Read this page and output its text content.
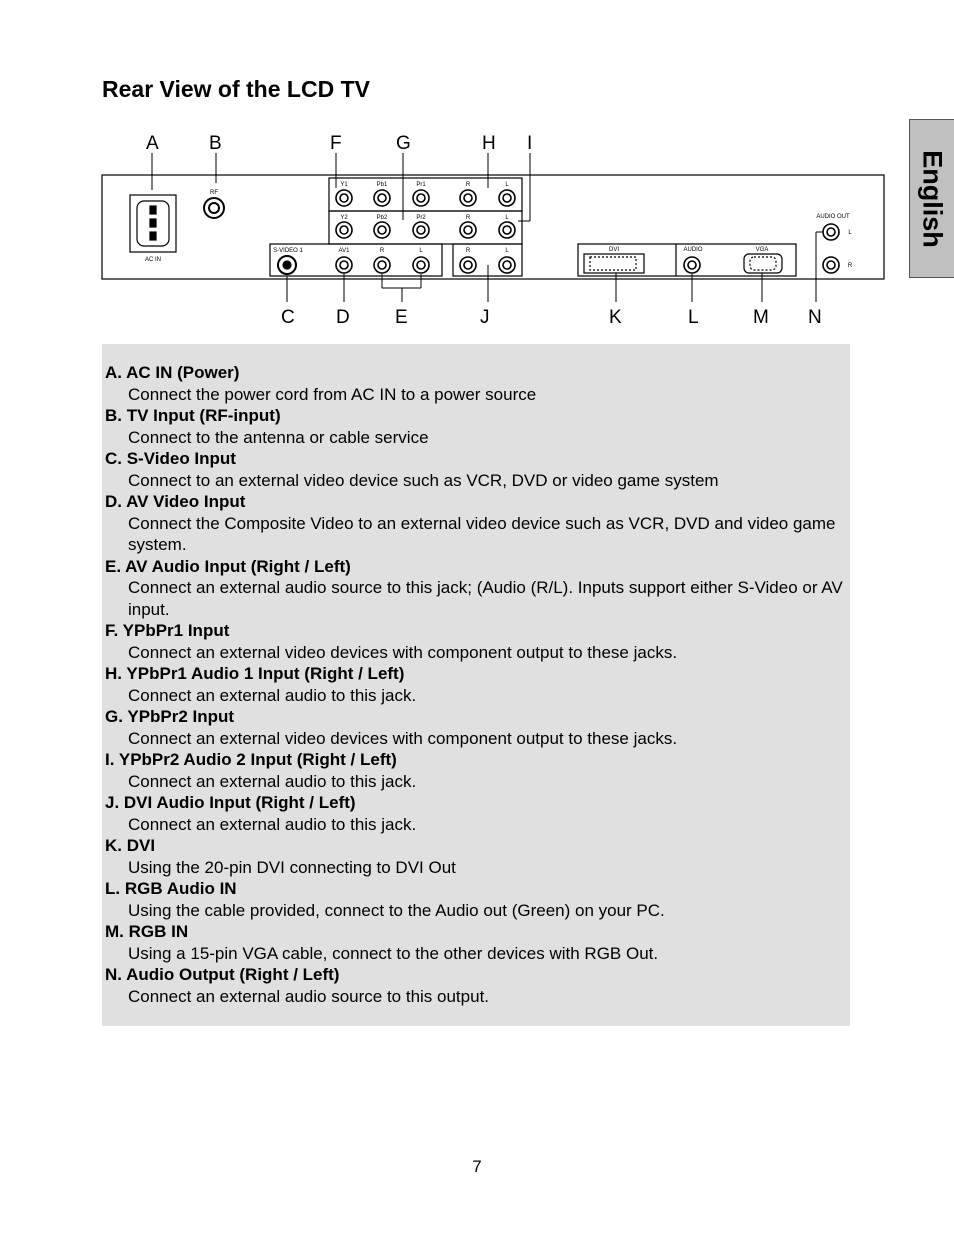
Rear View of the LCD TV
English
A	B	F	G	H I
C D E	J	K	L	M N
AC IN
RF
Y1	Pb1	Pr1	R	L
Y2	Pb2	Pr2	R	L
S-VIDEO 1	AV1	R	L	R	L	DVI	AUDIO	VGA
AUDIO OUT
L
R
A. AC IN (Power)
Connect the power cord from AC IN to a power source
B. TV Input (RF-input)
Connect to the antenna or cable service
C. S-Video Input
Connect to an external video device such as VCR, DVD or video game system
D. AV Video Input
Connect the Composite Video to an external video device such as VCR, DVD and video game system.
E. AV Audio Input (Right / Left)
Connect an external audio source to this jack; (Audio (R/L). Inputs support either S-Video or AV input.
F. YPbPr1 Input
Connect an external video devices with component output to these jacks.
H. YPbPr1 Audio 1 Input (Right / Left)
Connect an external audio to this jack.
G. YPbPr2 Input
Connect an external video devices with component output to these jacks.
I. YPbPr2 Audio 2 Input (Right / Left)
Connect an external audio to this jack.
J. DVI Audio Input (Right / Left)
Connect an external audio to this jack.
K. DVI
Using the 20-pin DVI connecting to DVI Out
L. RGB Audio IN
Using the cable provided, connect to the Audio out (Green) on your PC.
M. RGB IN
Using a 15-pin VGA cable, connect to the other devices with RGB Out.
N. Audio Output (Right / Left)
Connect an external audio source to this output.
7
